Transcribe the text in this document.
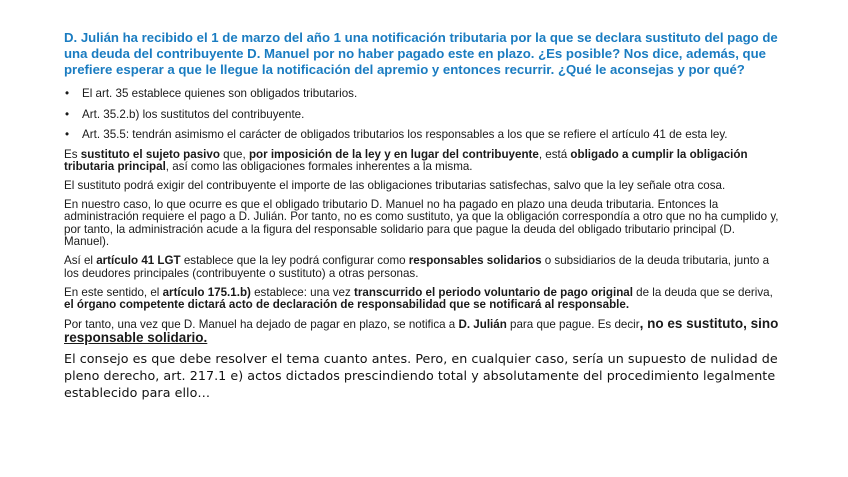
D. Julián ha recibido el 1 de marzo del año 1 una notificación tributaria por la que se declara sustituto del pago de una deuda del contribuyente D. Manuel por no haber pagado este en plazo. ¿Es posible? Nos dice, además, que prefiere esperar a que le llegue la notificación del apremio y entonces recurrir. ¿Qué le aconsejas y por qué?

• El art. 35 establece quienes son obligados tributarios.
• Art. 35.2.b) los sustitutos del contribuyente.
• Art. 35.5: tendrán asimismo el carácter de obligados tributarios los responsables a los que se refiere el artículo 41 de esta ley.

Es sustituto el sujeto pasivo que, por imposición de la ley y en lugar del contribuyente, está obligado a cumplir la obligación tributaria principal, así como las obligaciones formales inherentes a la misma.

El sustituto podrá exigir del contribuyente el importe de las obligaciones tributarias satisfechas, salvo que la ley señale otra cosa.

En nuestro caso, lo que ocurre es que el obligado tributario D. Manuel no ha pagado en plazo una deuda tributaria. Entonces la administración requiere el pago a D. Julián. Por tanto, no es como sustituto, ya que la obligación correspondía a otro que no ha cumplido y, por tanto, la administración acude a la figura del responsable solidario para que pague la deuda del obligado tributario principal (D. Manuel).

Así el artículo 41 LGT establece que la ley podrá configurar como responsables solidarios o subsidiarios de la deuda tributaria, junto a los deudores principales (contribuyente o sustituto) a otras personas.

En este sentido, el artículo 175.1.b) establece: una vez transcurrido el periodo voluntario de pago original de la deuda que se deriva, el órgano competente dictará acto de declaración de responsabilidad que se notificará al responsable.

Por tanto, una vez que D. Manuel ha dejado de pagar en plazo, se notifica a D. Julián para que pague. Es decir, no es sustituto, sino responsable solidario.

El consejo es que debe resolver el tema cuanto antes. Pero, en cualquier caso, sería un supuesto de nulidad de pleno derecho, art. 217.1 e) actos dictados prescindiendo total y absolutamente del procedimiento legalmente establecido para ello…
